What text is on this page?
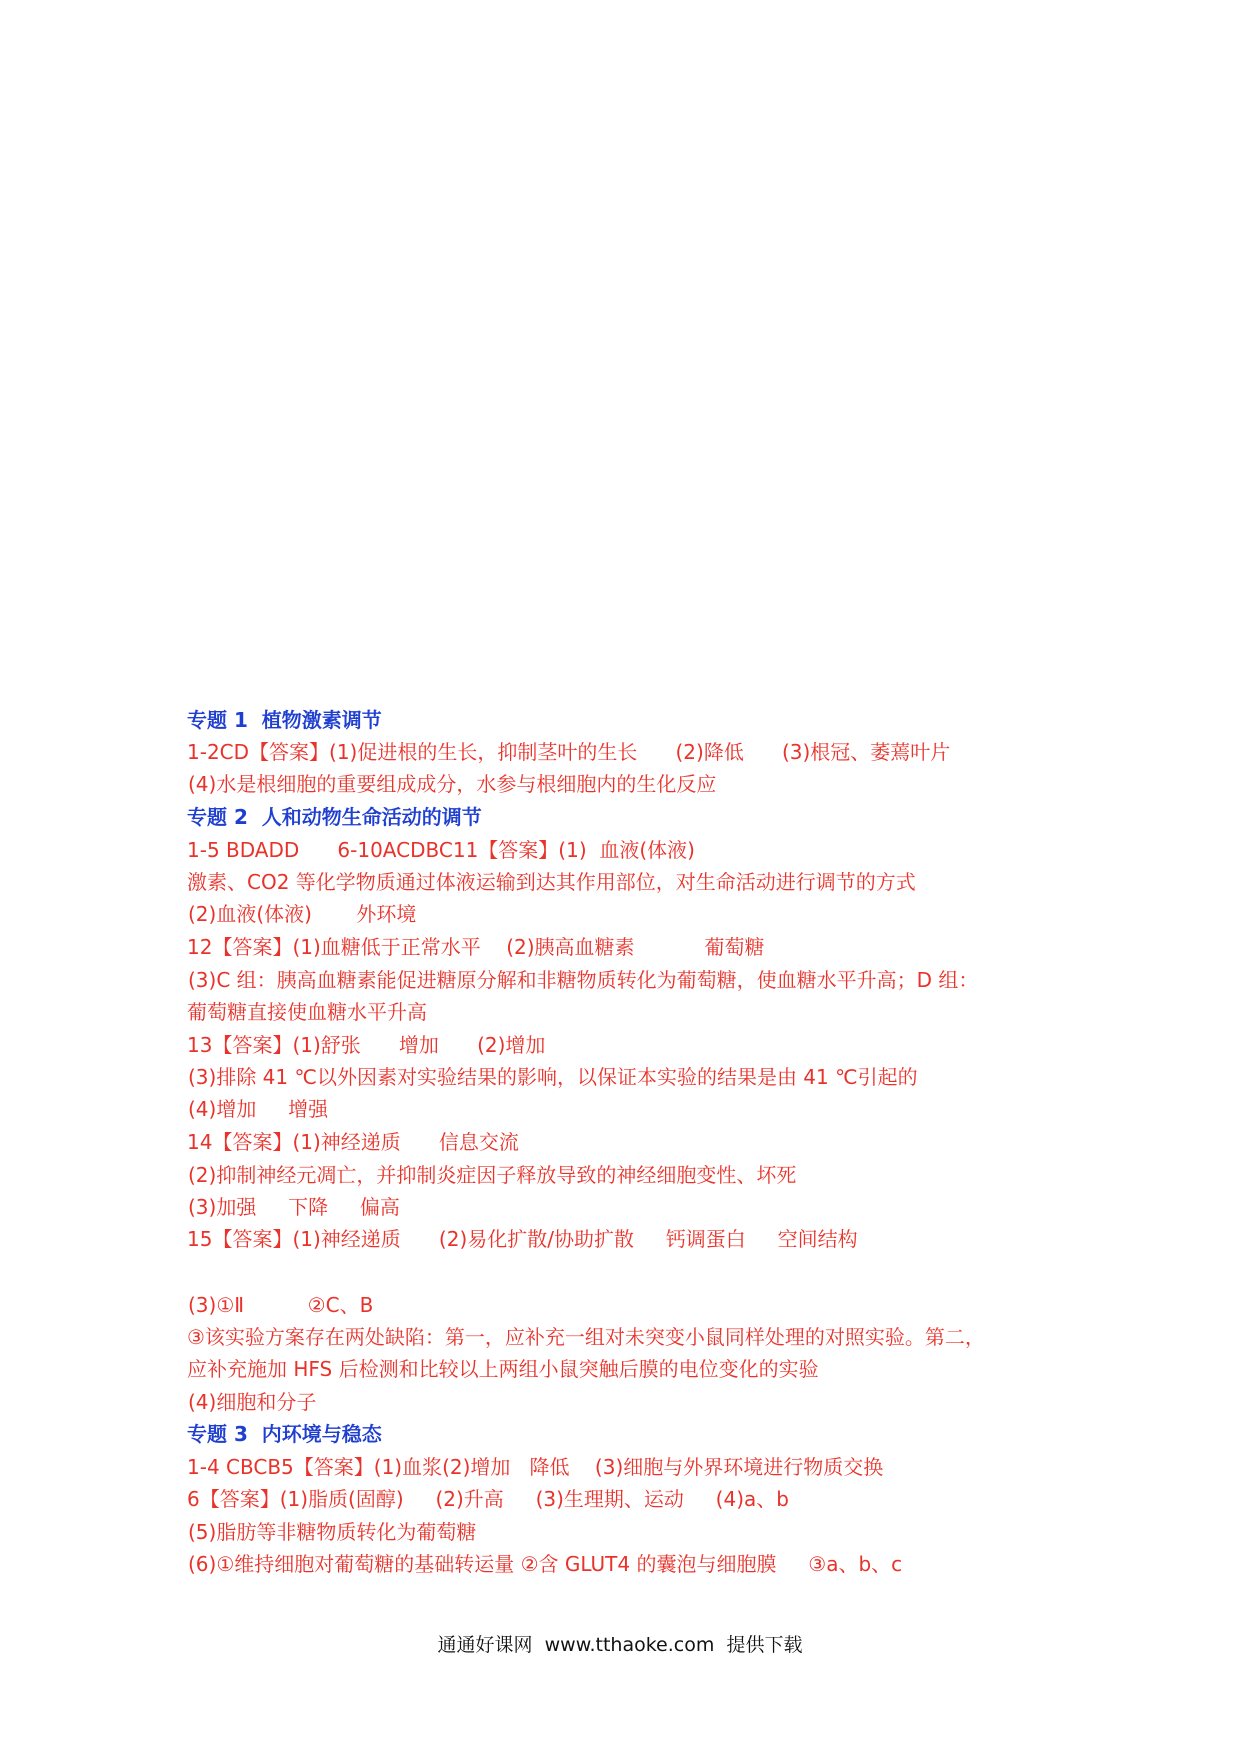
专题 1  植物激素调节

1-2CD【答案】(1)促进根的生长，抑制茎叶的生长      (2)降低      (3)根冠、萎蔫叶片

(4)水是根细胞的重要组成成分，水参与根细胞内的生化反应

专题 2  人和动物生命活动的调节

1-5 BDADD      6-10ACDBC11【答案】(1)  血液(体液)

激素、CO2 等化学物质通过体液运输到达其作用部位，对生命活动进行调节的方式

(2)血液(体液)       外环境

12【答案】(1)血糖低于正常水平    (2)胰高血糖素           葡萄糖

(3)C 组：胰高血糖素能促进糖原分解和非糖物质转化为葡萄糖，使血糖水平升高；D 组：

葡萄糖直接使血糖水平升高

13【答案】(1)舒张      增加      (2)增加

(3)排除 41 ℃以外因素对实验结果的影响，以保证本实验的结果是由 41 ℃引起的

(4)增加     增强

14【答案】(1)神经递质      信息交流

(2)抑制神经元凋亡，并抑制炎症因子释放导致的神经细胞变性、坏死

(3)加强     下降     偏高

15【答案】(1)神经递质      (2)易化扩散/协助扩散     钙调蛋白     空间结构

(3)①Ⅱ          ②C、B

③该实验方案存在两处缺陷：第一，应补充一组对未突变小鼠同样处理的对照实验。第二，

应补充施加 HFS 后检测和比较以上两组小鼠突触后膜的电位变化的实验

(4)细胞和分子

专题 3  内环境与稳态

1-4 CBCB5【答案】(1)血浆(2)增加   降低    (3)细胞与外界环境进行物质交换

6【答案】(1)脂质(固醇)     (2)升高     (3)生理期、运动     (4)a、b

(5)脂肪等非糖物质转化为葡萄糖

(6)①维持细胞对葡萄糖的基础转运量 ②含 GLUT4 的囊泡与细胞膜     ③a、b、c

通通好课网  www.tthaoke.com  提供下载
